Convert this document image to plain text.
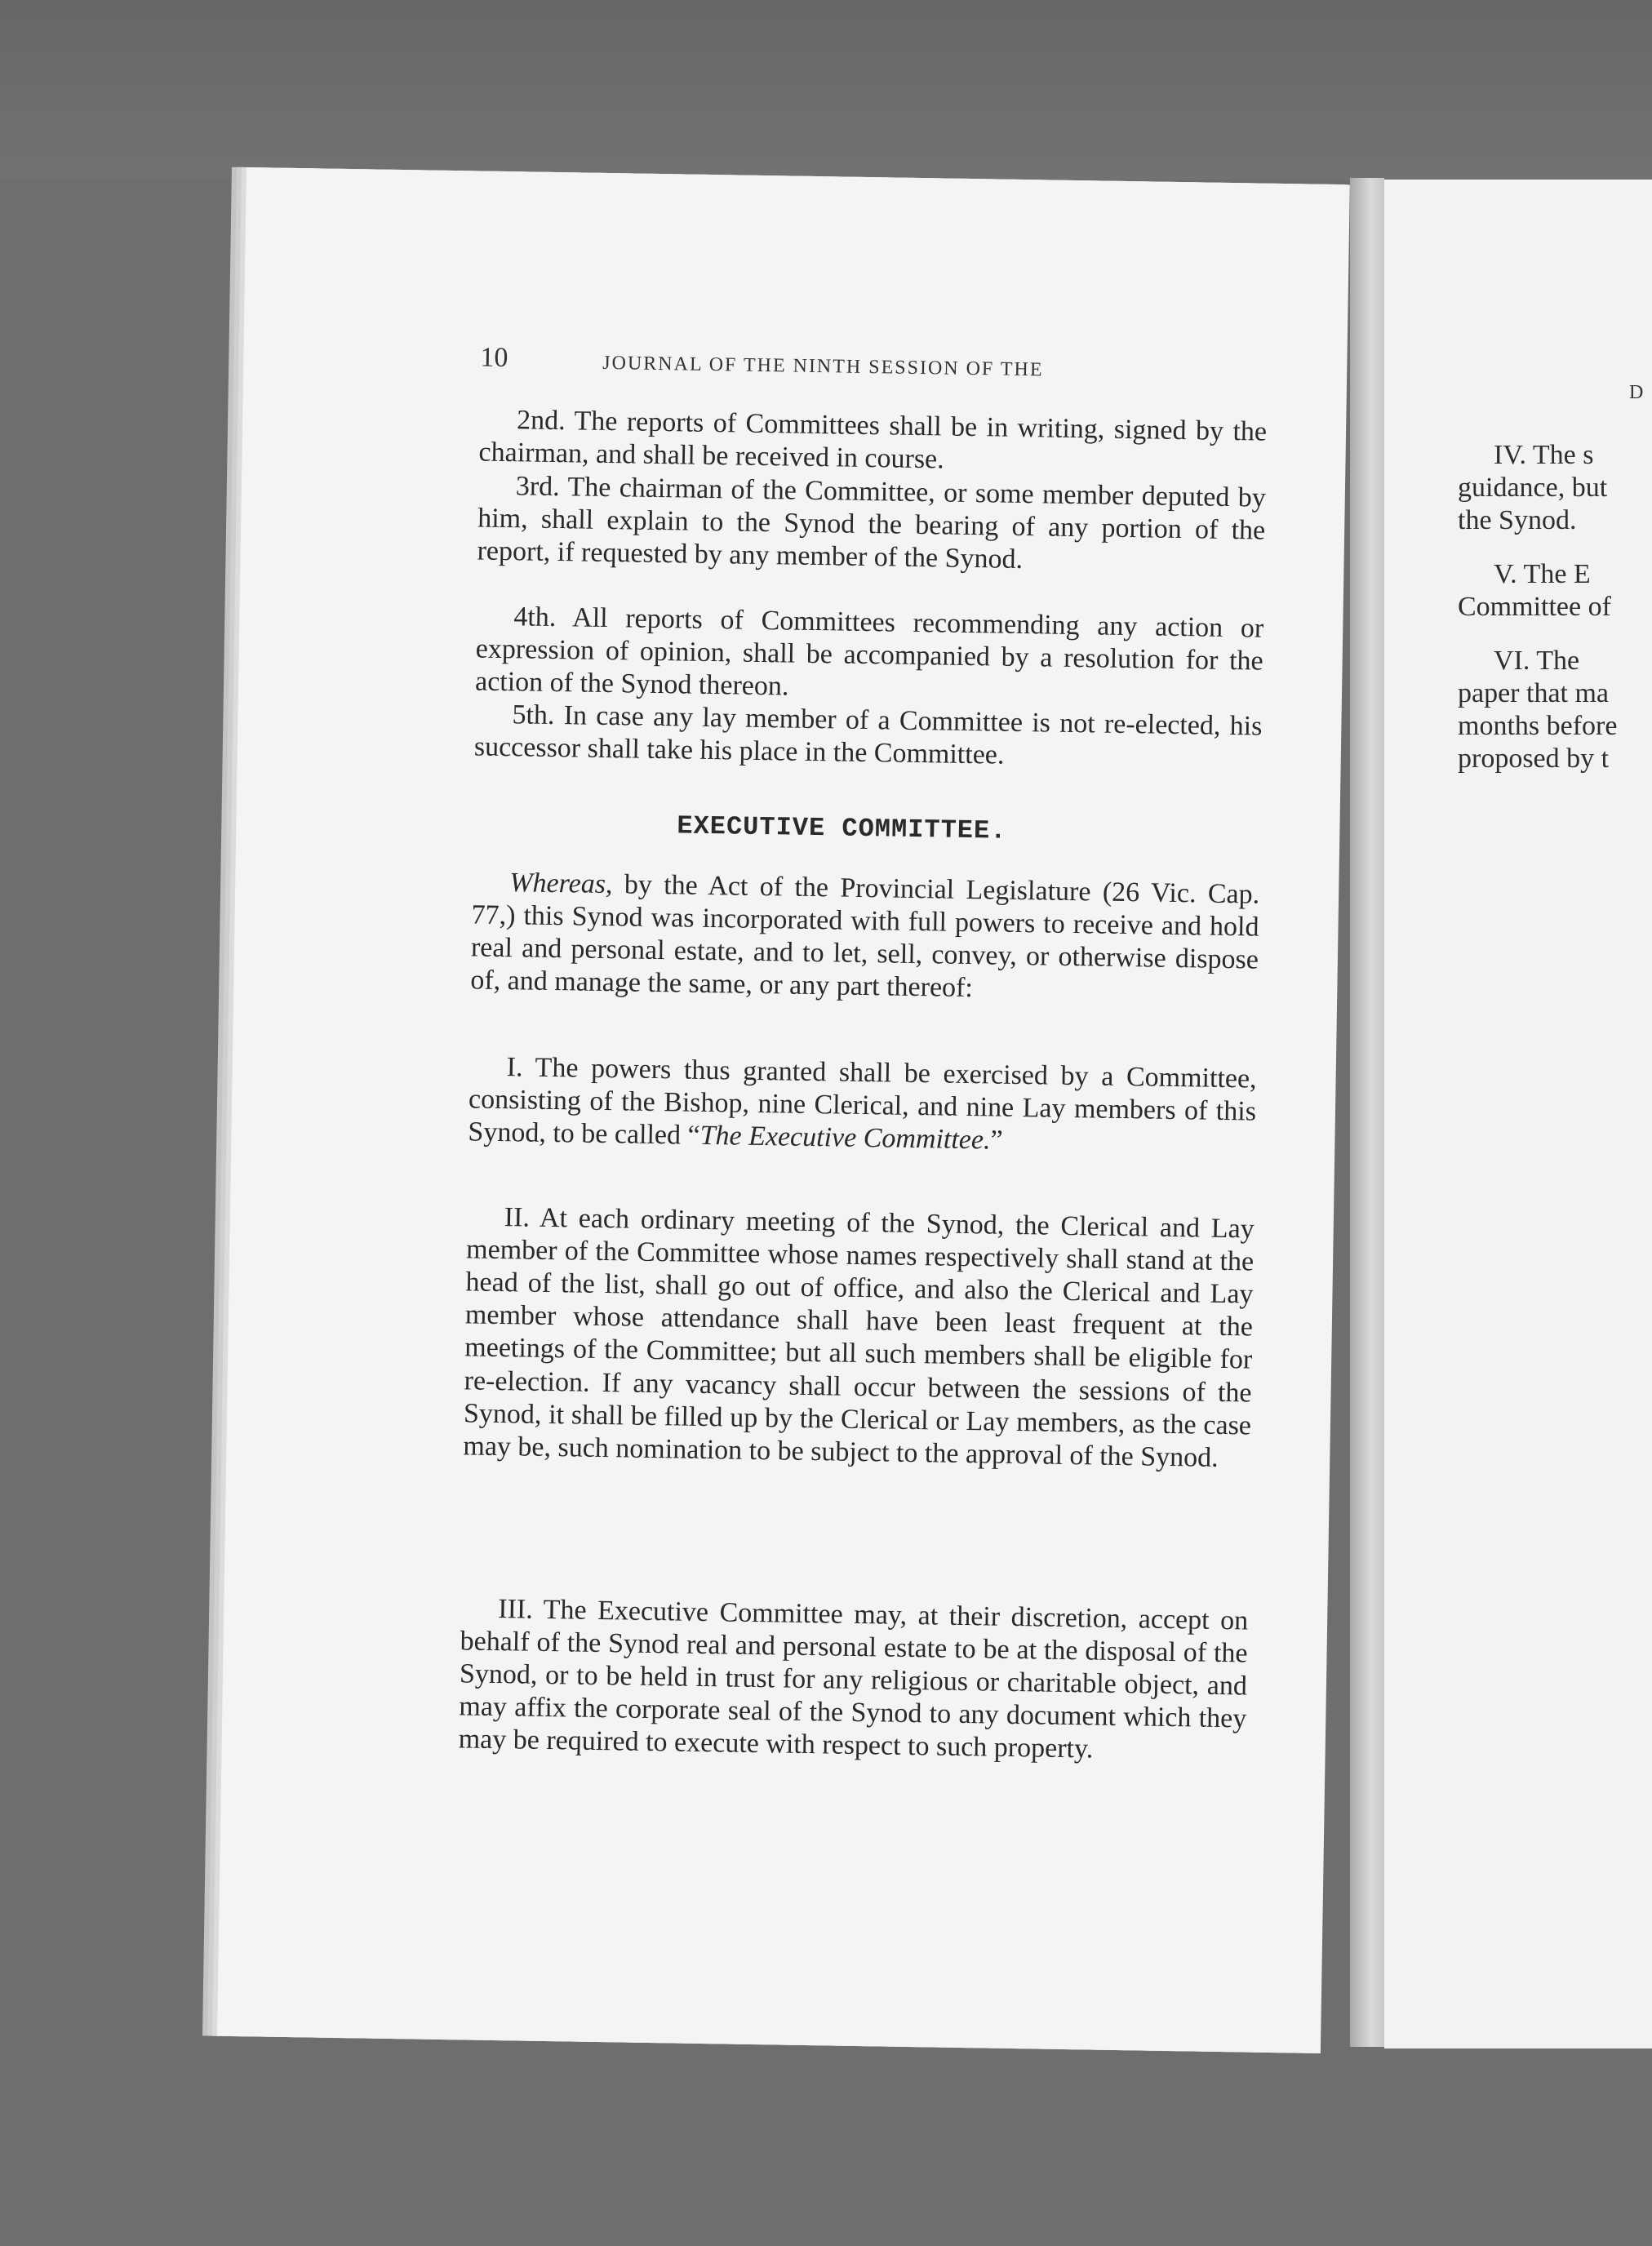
D

IV. The s

guidance, but

the Synod.

V. The E

Committee of

VI. The

paper that ma

months before

proposed by t

10	JOURNAL OF THE NINTH SESSION OF THE

2nd. The reports of Committees shall be in writing, signed by the chairman, and shall be received in course.

3rd. The chairman of the Committee, or some member deputed by him, shall explain to the Synod the bearing of any portion of the report, if requested by any member of the Synod.

4th. All reports of Committees recommending any action or expression of opinion, shall be accompanied by a resolution for the action of the Synod thereon.

5th. In case any lay member of a Committee is not re-elected, his successor shall take his place in the Committee.

EXECUTIVE COMMITTEE.

Whereas, by the Act of the Provincial Legislature (26 Vic. Cap. 77,) this Synod was incorporated with full powers to receive and hold real and personal estate, and to let, sell, convey, or otherwise dispose of, and manage the same, or any part thereof:

I. The powers thus granted shall be exercised by a Committee, consisting of the Bishop, nine Clerical, and nine Lay members of this Synod, to be called “The Executive Committee.”

II. At each ordinary meeting of the Synod, the Clerical and Lay member of the Committee whose names respectively shall stand at the head of the list, shall go out of office, and also the Clerical and Lay member whose attendance shall have been least frequent at the meetings of the Committee; but all such members shall be eligible for re-election. If any vacancy shall occur between the sessions of the Synod, it shall be filled up by the Clerical or Lay members, as the case may be, such nomination to be subject to the approval of the Synod.

III. The Executive Committee may, at their discretion, accept on behalf of the Synod real and personal estate to be at the disposal of the Synod, or to be held in trust for any religious or charitable object, and may affix the corporate seal of the Synod to any document which they may be required to execute with respect to such property.
